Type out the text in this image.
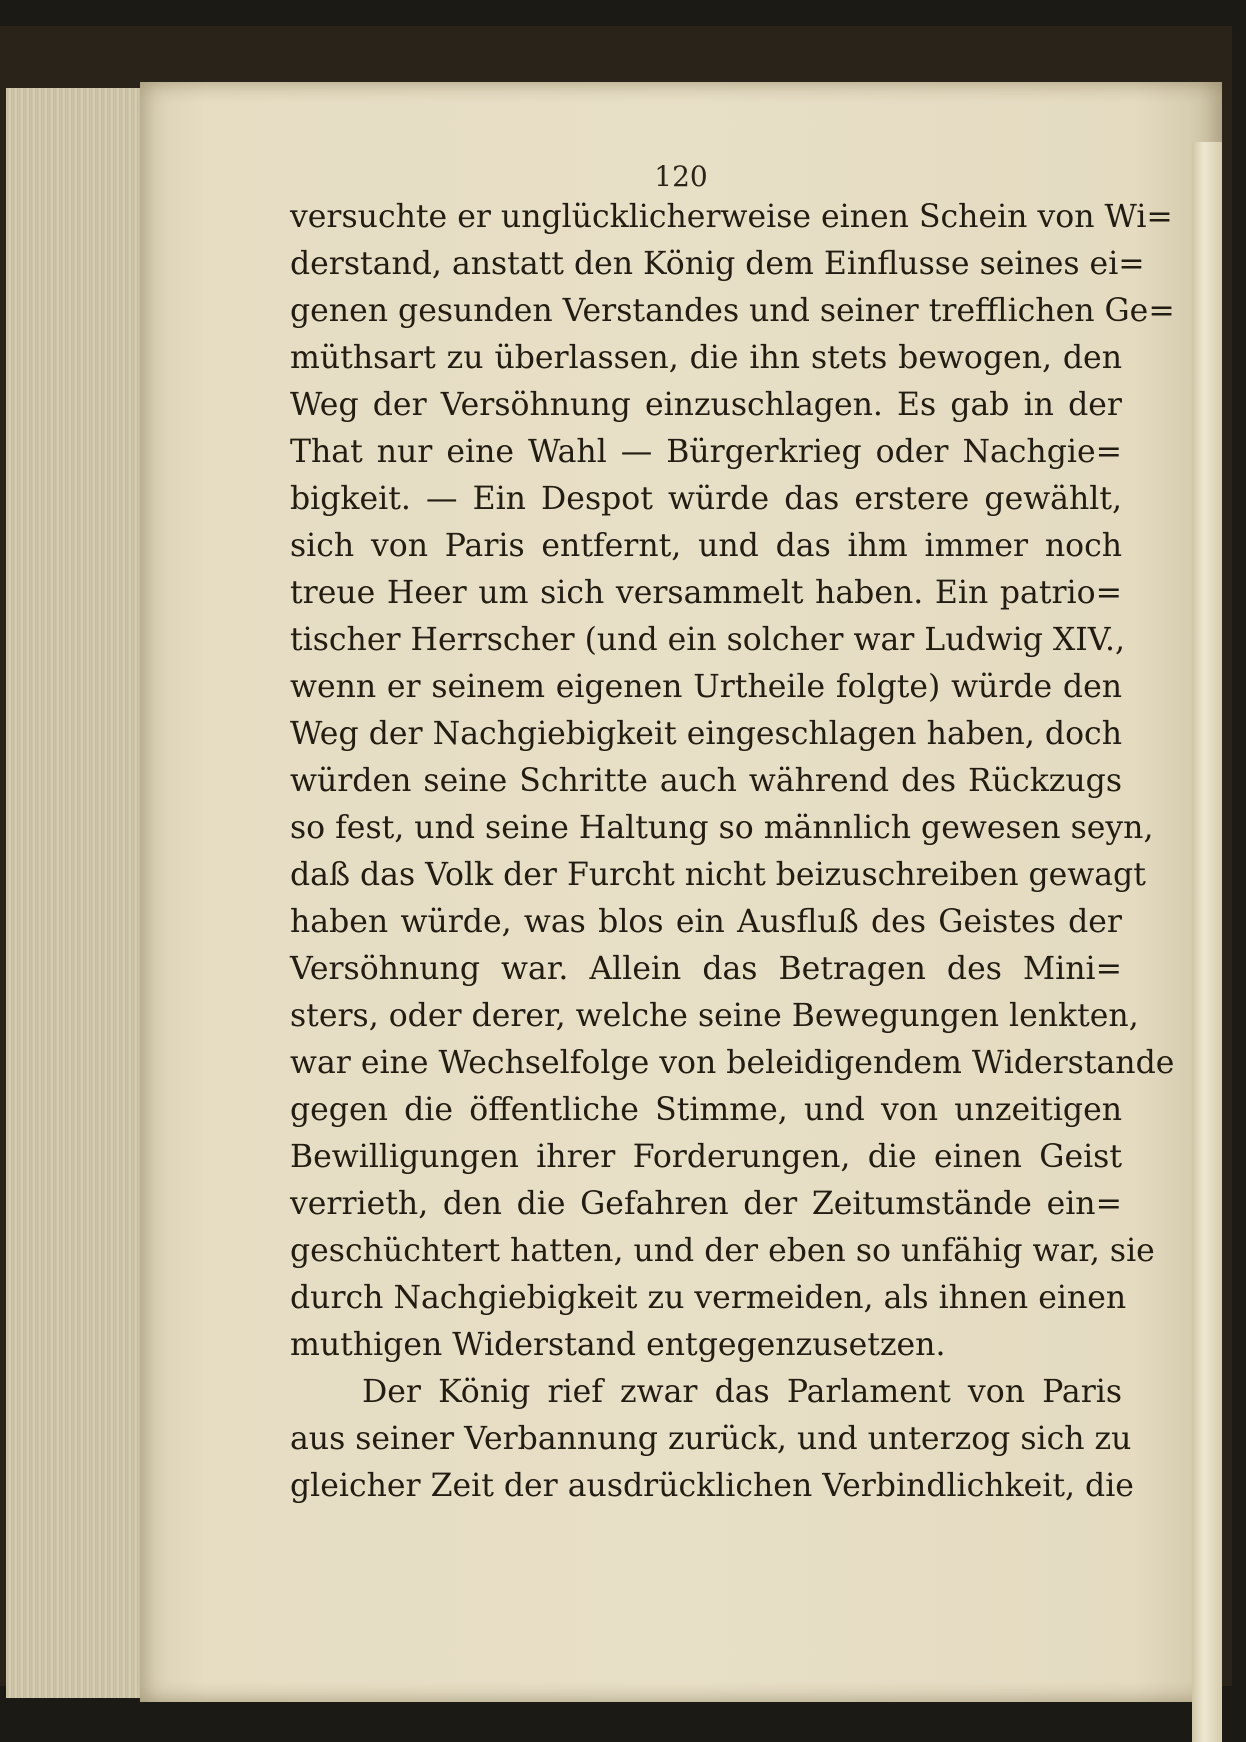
120
versuchte er unglücklicherweise einen Schein von Wi=
derstand, anstatt den König dem Einflusse seines ei=
genen gesunden Verstandes und seiner trefflichen Ge=
müthsart zu überlassen, die ihn stets bewogen, den
Weg der Versöhnung einzuschlagen. Es gab in der
That nur eine Wahl — Bürgerkrieg oder Nachgie=
bigkeit. — Ein Despot würde das erstere gewählt,
sich von Paris entfernt, und das ihm immer noch
treue Heer um sich versammelt haben. Ein patrio=
tischer Herrscher (und ein solcher war Ludwig XIV.,
wenn er seinem eigenen Urtheile folgte) würde den
Weg der Nachgiebigkeit eingeschlagen haben, doch
würden seine Schritte auch während des Rückzugs
so fest, und seine Haltung so männlich gewesen seyn,
daß das Volk der Furcht nicht beizuschreiben gewagt
haben würde, was blos ein Ausfluß des Geistes der
Versöhnung war. Allein das Betragen des Mini=
sters, oder derer, welche seine Bewegungen lenkten,
war eine Wechselfolge von beleidigendem Widerstande
gegen die öffentliche Stimme, und von unzeitigen
Bewilligungen ihrer Forderungen, die einen Geist
verrieth, den die Gefahren der Zeitumstände ein=
geschüchtert hatten, und der eben so unfähig war, sie
durch Nachgiebigkeit zu vermeiden, als ihnen einen
muthigen Widerstand entgegenzusetzen.
Der König rief zwar das Parlament von Paris
aus seiner Verbannung zurück, und unterzog sich zu
gleicher Zeit der ausdrücklichen Verbindlichkeit, die
